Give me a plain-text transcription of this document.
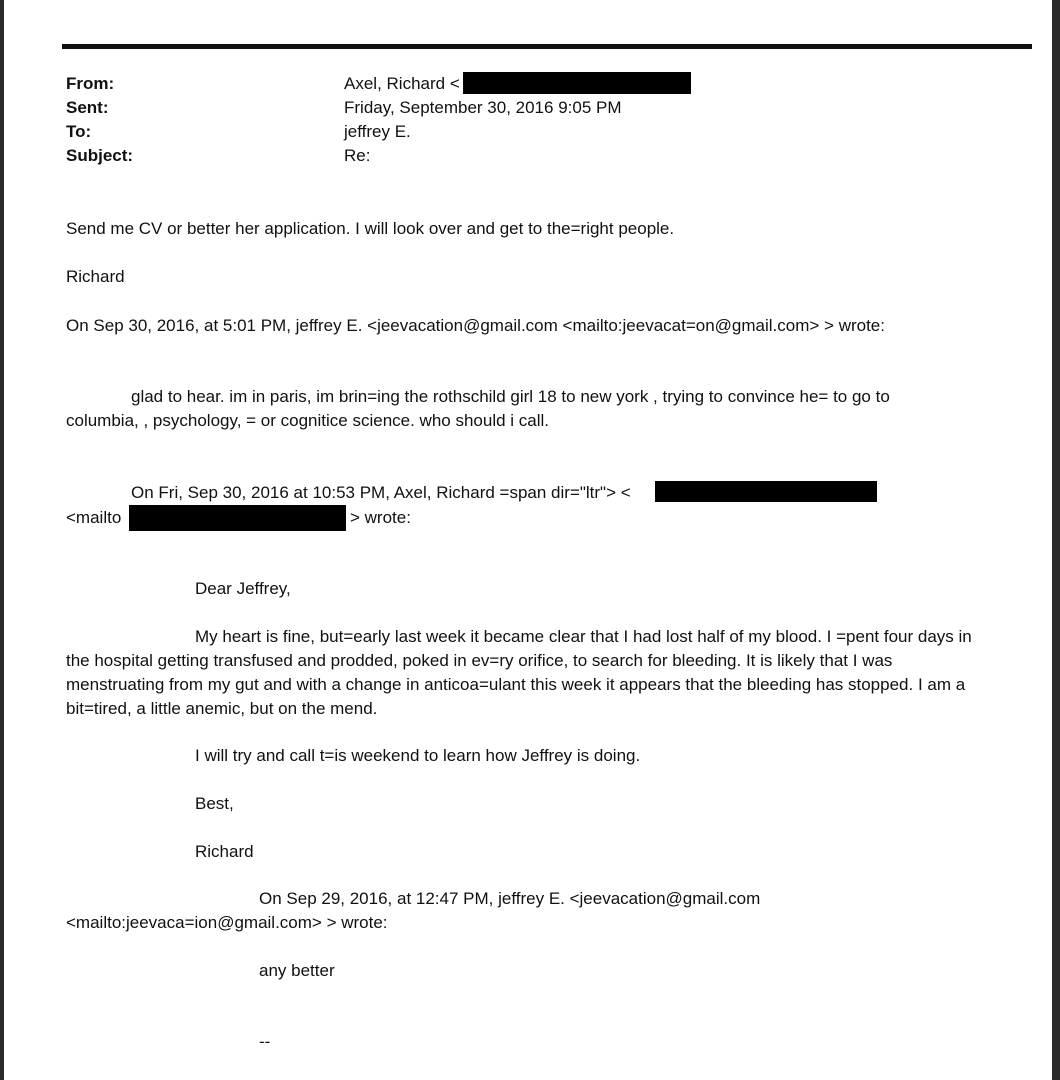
From:
Sent:
To:
Subject:
Axel, Richard <
Friday, September 30, 2016 9:05 PM
jeffrey E.
Re:
Send me CV or better her application. I will look over and get to the=right people.
Richard
On Sep 30, 2016, at 5:01 PM, jeffrey E. <jeevacation@gmail.com <mailto:jeevacat=on@gmail.com> > wrote:
glad to hear. im in paris, im brin=ing the rothschild girl 18 to new york , trying to convince he= to go to
columbia, , psychology, = or cognitice science. who should i call.
On Fri, Sep 30, 2016 at 10:53 PM, Axel, Richard =span dir="ltr"> <
<mailto	> wrote:
Dear Jeffrey,
My heart is fine, but=early last week it became clear that I had lost half of my blood. I =pent four days in
the hospital getting transfused and prodded, poked in ev=ry orifice, to search for bleeding. It is likely that I was
menstruating from my gut and with a change in anticoa=ulant this week it appears that the bleeding has stopped. I am a
bit=tired, a little anemic, but on the mend.
I will try and call t=is weekend to learn how Jeffrey is doing.
Best,
Richard
On Sep 29, 2016, at 12:47 PM, jeffrey E. <jeevacation@gmail.com
<mailto:jeevaca=ion@gmail.com> > wrote:
any better
--
